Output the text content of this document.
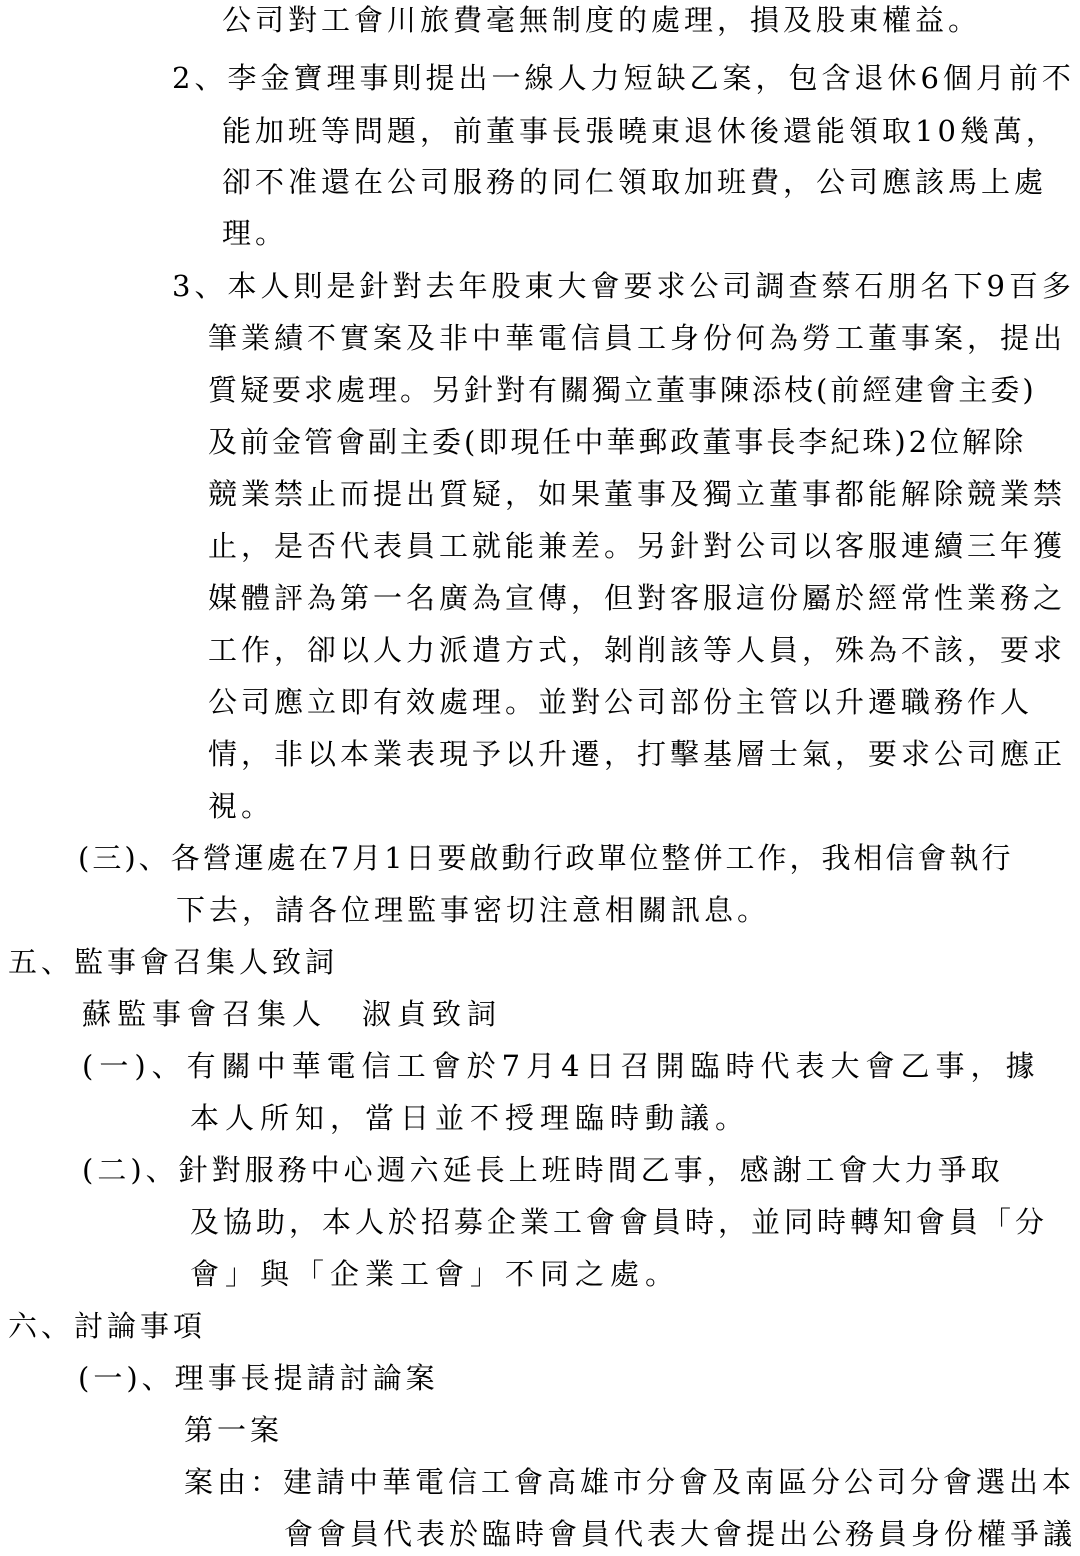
公司對工會川旅費毫無制度的處理，損及股東權益。
2、李金寶理事則提出一線人力短缺乙案，包含退休6個月前不
能加班等問題，前董事長張曉東退休後還能領取10幾萬，
卻不准還在公司服務的同仁領取加班費，公司應該馬上處
理。
3、本人則是針對去年股東大會要求公司調查蔡石朋名下9百多
筆業績不實案及非中華電信員工身份何為勞工董事案，提出
質疑要求處理。另針對有關獨立董事陳添枝(前經建會主委)
及前金管會副主委(即現任中華郵政董事長李紀珠)2位解除
競業禁止而提出質疑，如果董事及獨立董事都能解除競業禁
止，是否代表員工就能兼差。另針對公司以客服連續三年獲
媒體評為第一名廣為宣傳，但對客服這份屬於經常性業務之
工作，卻以人力派遣方式，剝削該等人員，殊為不該，要求
公司應立即有效處理。並對公司部份主管以升遷職務作人
情，非以本業表現予以升遷，打擊基層士氣，要求公司應正
視。
(三)、各營運處在7月1日要啟動行政單位整併工作，我相信會執行
下去，請各位理監事密切注意相關訊息。
五、監事會召集人致詞
蘇監事會召集人　淑貞致詞
(一)、有關中華電信工會於7月4日召開臨時代表大會乙事，據
本人所知，當日並不授理臨時動議。
(二)、針對服務中心週六延長上班時間乙事，感謝工會大力爭取
及協助，本人於招募企業工會會員時，並同時轉知會員「分
會」與「企業工會」不同之處。
六、討論事項
(一)、理事長提請討論案
第一案
案由：建請中華電信工會高雄市分會及南區分公司分會選出本
會會員代表於臨時會員代表大會提出公務員身份權爭議
